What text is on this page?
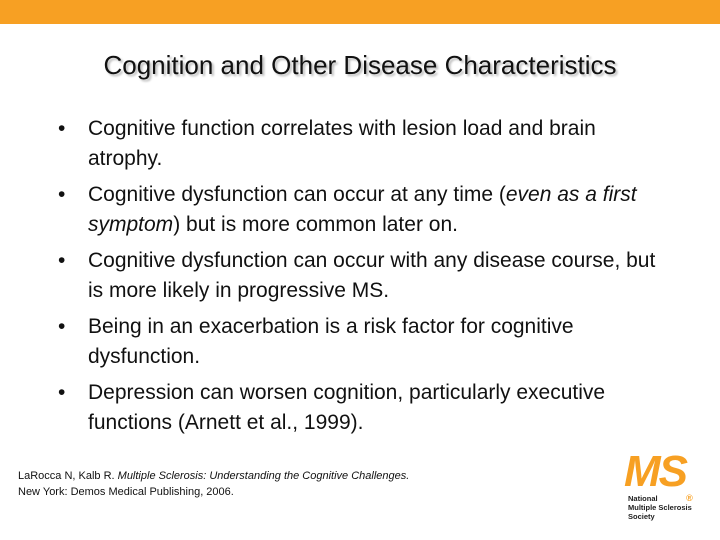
Cognition and Other Disease Characteristics
•	Cognitive function correlates with lesion load and brain atrophy.
•	Cognitive dysfunction can occur at any time (even as a first symptom) but is more common later on.
•	Cognitive dysfunction can occur with any disease course, but is more likely in progressive MS.
•	Being in an exacerbation is a risk factor for cognitive dysfunction.
•	Depression can worsen cognition, particularly executive functions (Arnett et al., 1999).
LaRocca N, Kalb R. Multiple Sclerosis: Understanding the Cognitive Challenges.
New York: Demos Medical Publishing, 2006.	MS®
National
Multiple Sclerosis
Society
